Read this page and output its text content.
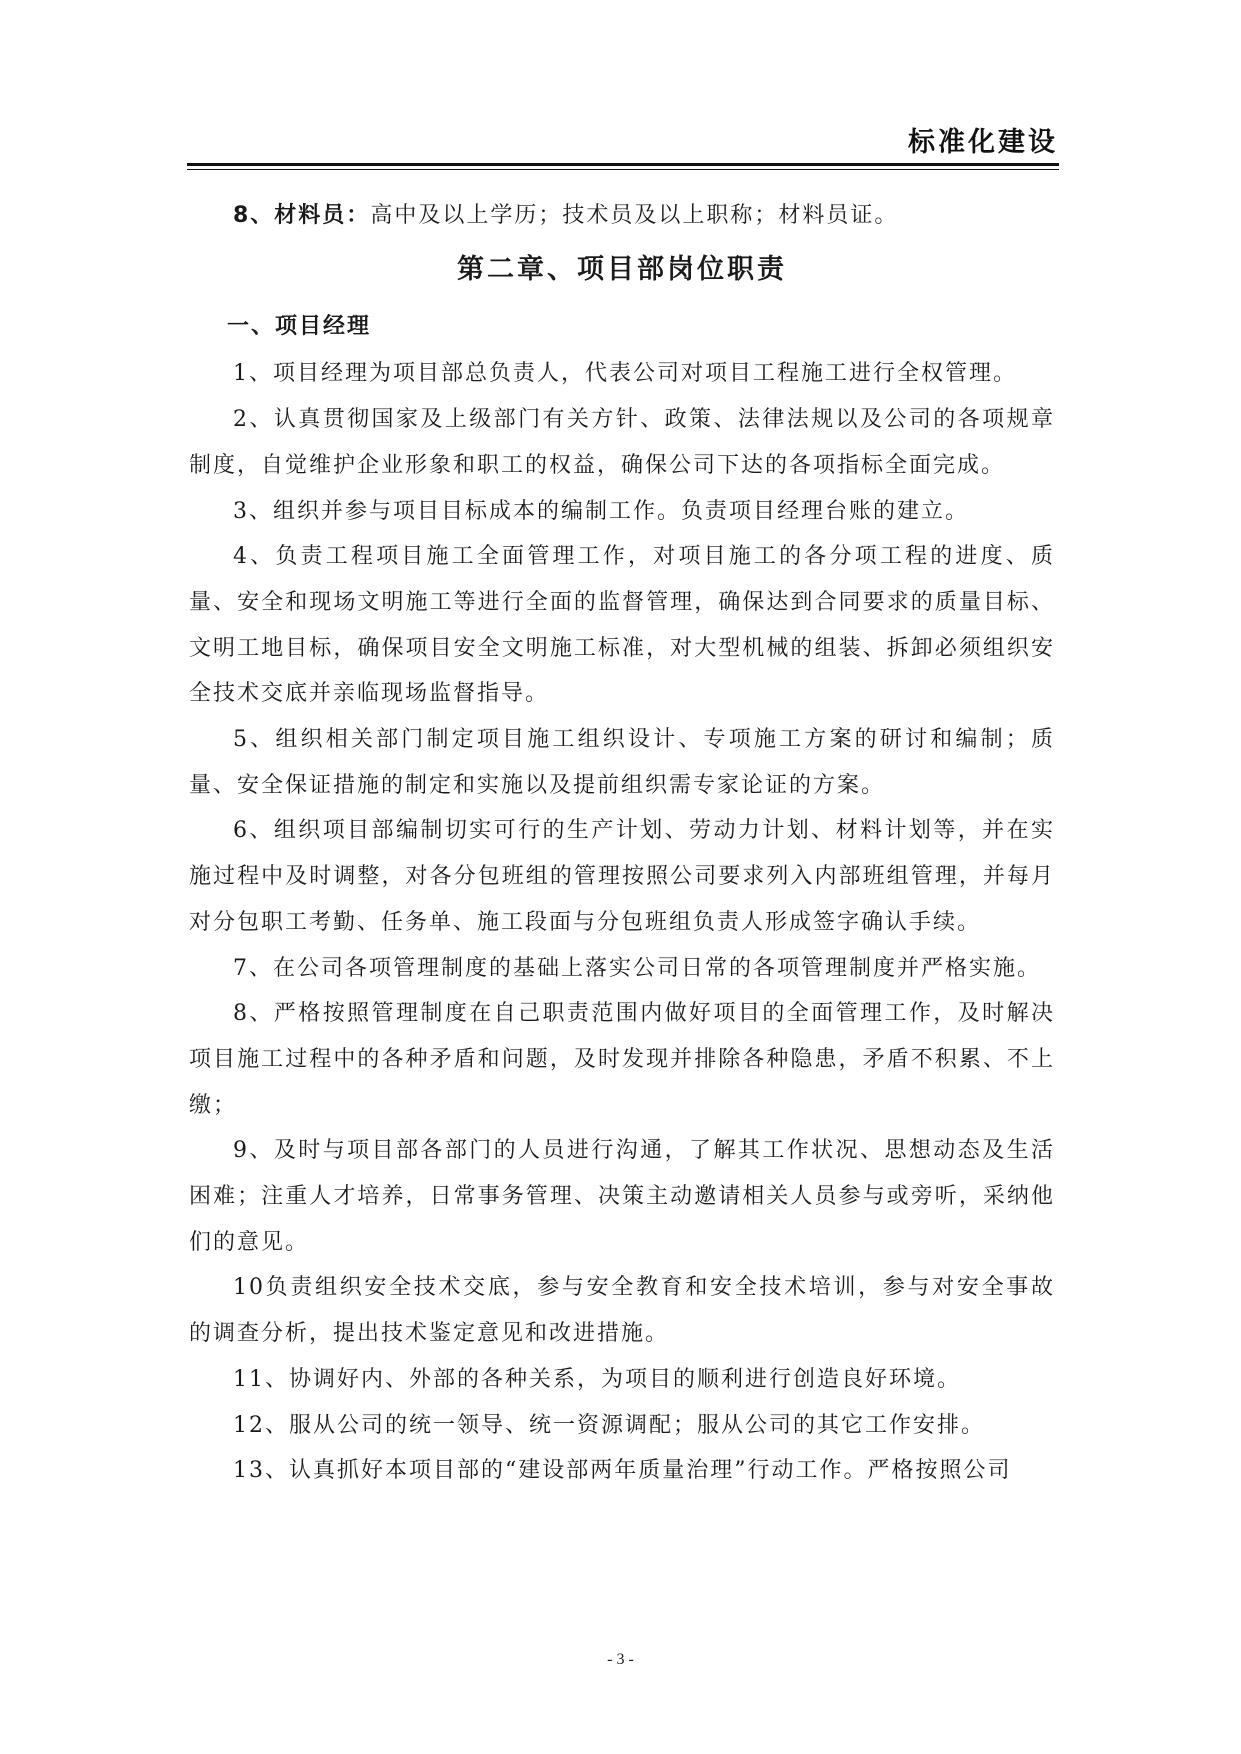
标准化建设

8、材料员：高中及以上学历；技术员及以上职称；材料员证。

第二章、项目部岗位职责

一、项目经理

1、项目经理为项目部总负责人，代表公司对项目工程施工进行全权管理。

2、认真贯彻国家及上级部门有关方针、政策、法律法规以及公司的各项规章制度，自觉维护企业形象和职工的权益，确保公司下达的各项指标全面完成。

3、组织并参与项目目标成本的编制工作。负责项目经理台账的建立。

4、负责工程项目施工全面管理工作，对项目施工的各分项工程的进度、质量、安全和现场文明施工等进行全面的监督管理，确保达到合同要求的质量目标、文明工地目标，确保项目安全文明施工标准，对大型机械的组装、拆卸必须组织安全技术交底并亲临现场监督指导。

5、组织相关部门制定项目施工组织设计、专项施工方案的研讨和编制；质量、安全保证措施的制定和实施以及提前组织需专家论证的方案。

6、组织项目部编制切实可行的生产计划、劳动力计划、材料计划等，并在实施过程中及时调整，对各分包班组的管理按照公司要求列入内部班组管理，并每月对分包职工考勤、任务单、施工段面与分包班组负责人形成签字确认手续。

7、在公司各项管理制度的基础上落实公司日常的各项管理制度并严格实施。

8、严格按照管理制度在自己职责范围内做好项目的全面管理工作，及时解决项目施工过程中的各种矛盾和问题，及时发现并排除各种隐患，矛盾不积累、不上缴；

9、及时与项目部各部门的人员进行沟通，了解其工作状况、思想动态及生活困难；注重人才培养，日常事务管理、决策主动邀请相关人员参与或旁听，采纳他们的意见。

10负责组织安全技术交底，参与安全教育和安全技术培训，参与对安全事故的调查分析，提出技术鉴定意见和改进措施。

11、协调好内、外部的各种关系，为项目的顺利进行创造良好环境。

12、服从公司的统一领导、统一资源调配；服从公司的其它工作安排。

13、认真抓好本项目部的“建设部两年质量治理”行动工作。严格按照公司

- 3 -
